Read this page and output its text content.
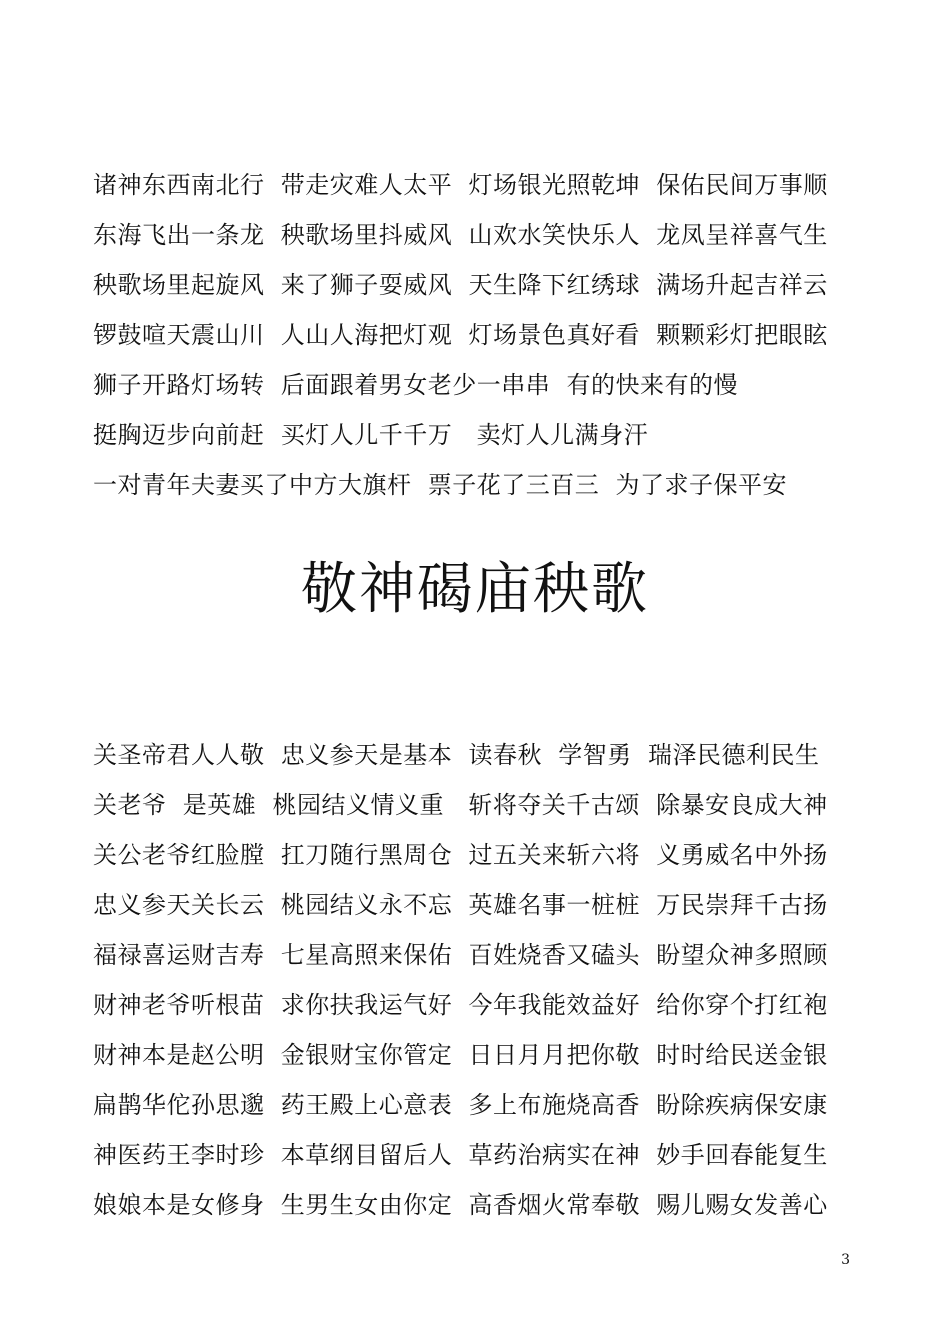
诸神东西南北行  带走灾难人太平  灯场银光照乾坤  保佑民间万事顺
东海飞出一条龙  秧歌场里抖威风  山欢水笑快乐人  龙凤呈祥喜气生
秧歌场里起旋风  来了狮子耍威风  天生降下红绣球  满场升起吉祥云
锣鼓喧天震山川  人山人海把灯观  灯场景色真好看  颗颗彩灯把眼眩
狮子开路灯场转  后面跟着男女老少一串串  有的快来有的慢
挺胸迈步向前赶  买灯人儿千千万   卖灯人儿满身汗
一对青年夫妻买了中方大旗杆  票子花了三百三  为了求子保平安
敬神碣庙秧歌
关圣帝君人人敬  忠义参天是基本  读春秋  学智勇  瑞泽民德利民生
关老爷  是英雄  桃园结义情义重   斩将夺关千古颂  除暴安良成大神
关公老爷红脸膛  扛刀随行黑周仓  过五关来斩六将  义勇威名中外扬
忠义参天关长云  桃园结义永不忘  英雄名事一桩桩  万民崇拜千古扬
福禄喜运财吉寿  七星高照来保佑  百姓烧香又磕头  盼望众神多照顾
财神老爷听根苗  求你扶我运气好  今年我能效益好  给你穿个打红袍
财神本是赵公明  金银财宝你管定  日日月月把你敬  时时给民送金银
扁鹊华佗孙思邈  药王殿上心意表  多上布施烧高香  盼除疾病保安康
神医药王李时珍  本草纲目留后人  草药治病实在神  妙手回春能复生
娘娘本是女修身  生男生女由你定  高香烟火常奉敬  赐儿赐女发善心
3
